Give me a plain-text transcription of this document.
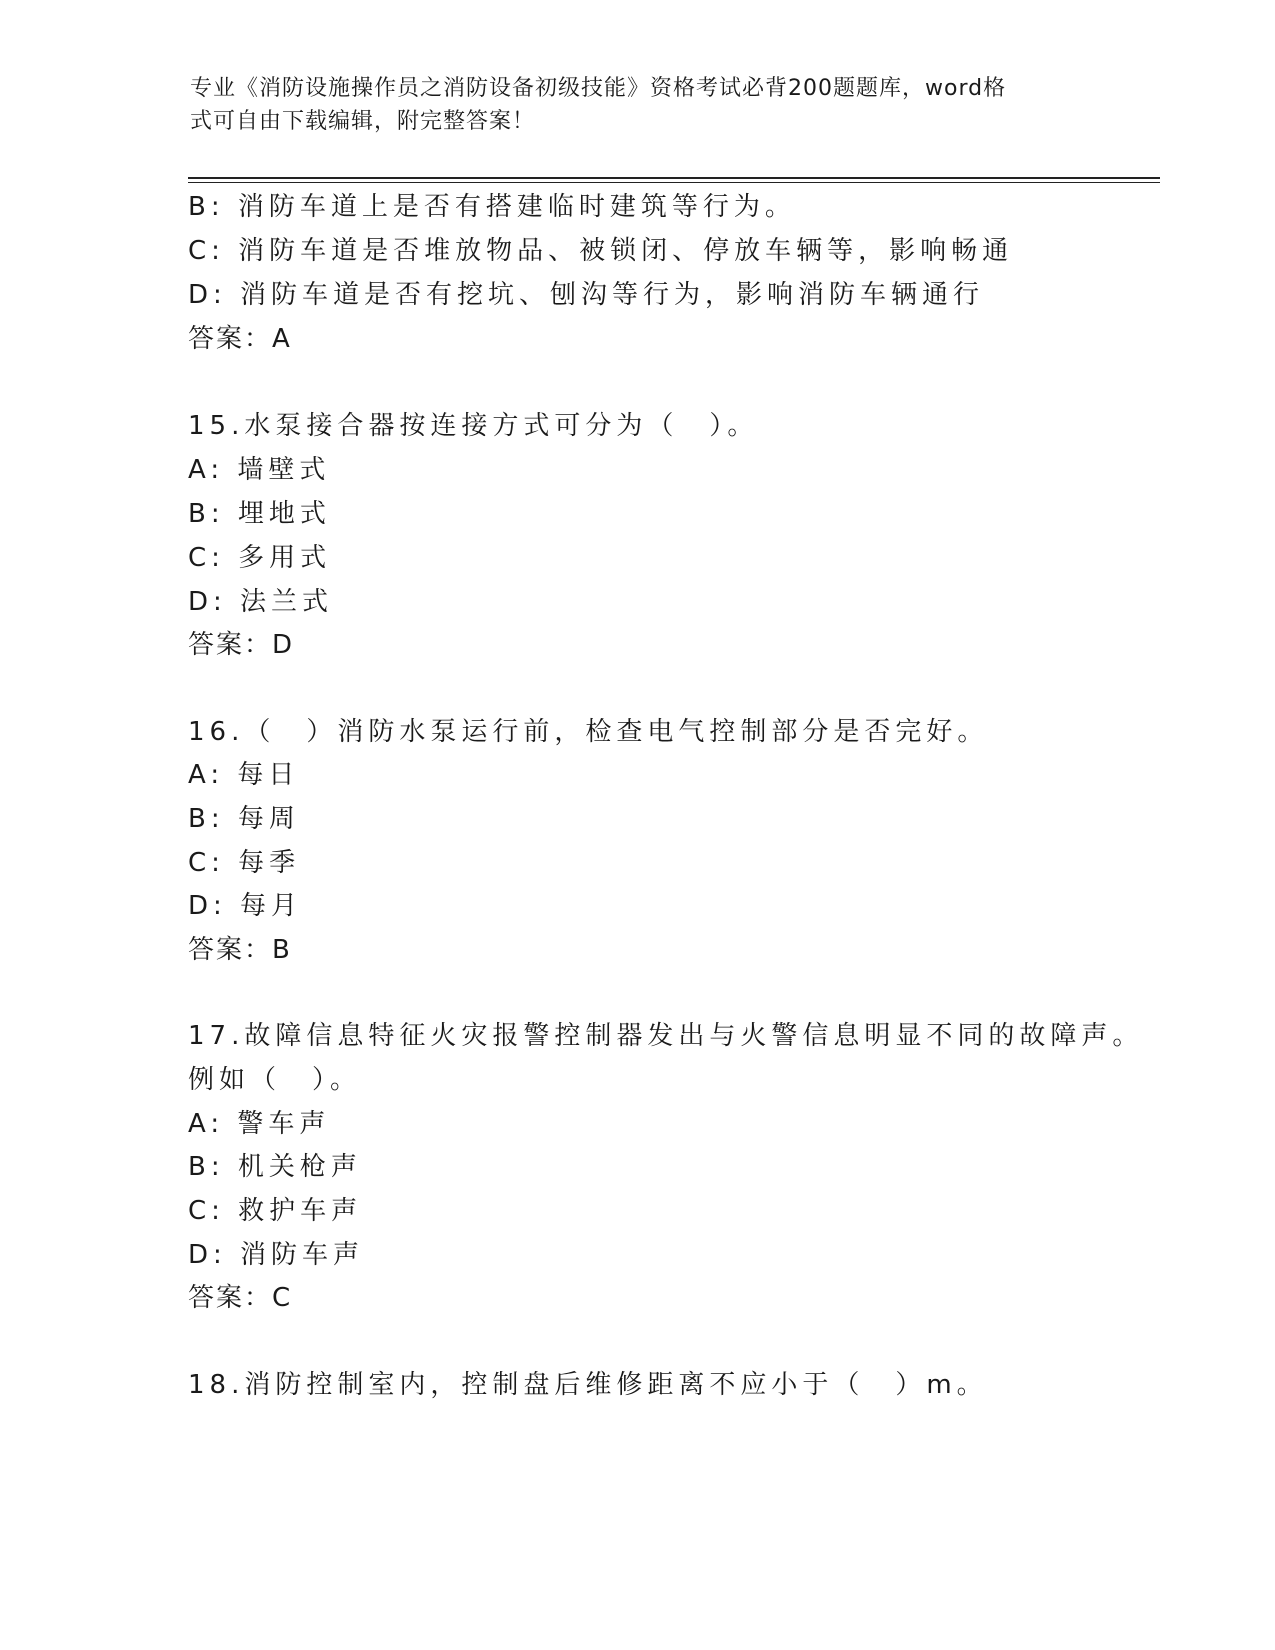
专业《消防设施操作员之消防设备初级技能》资格考试必背200题题库，word格
式可自由下载编辑，附完整答案！
B: 消防车道上是否有搭建临时建筑等行为。
C: 消防车道是否堆放物品、被锁闭、停放车辆等，影响畅通
D: 消防车道是否有挖坑、刨沟等行为，影响消防车辆通行
答案：A
15.水泵接合器按连接方式可分为（　）。
A: 墙壁式
B: 埋地式
C: 多用式
D: 法兰式
答案：D
16.（　）消防水泵运行前，检查电气控制部分是否完好。
A: 每日
B: 每周
C: 每季
D: 每月
答案：B
17.故障信息特征火灾报警控制器发出与火警信息明显不同的故障声。
例如（　）。
A: 警车声
B: 机关枪声
C: 救护车声
D: 消防车声
答案：C
18.消防控制室内，控制盘后维修距离不应小于（　）m。
